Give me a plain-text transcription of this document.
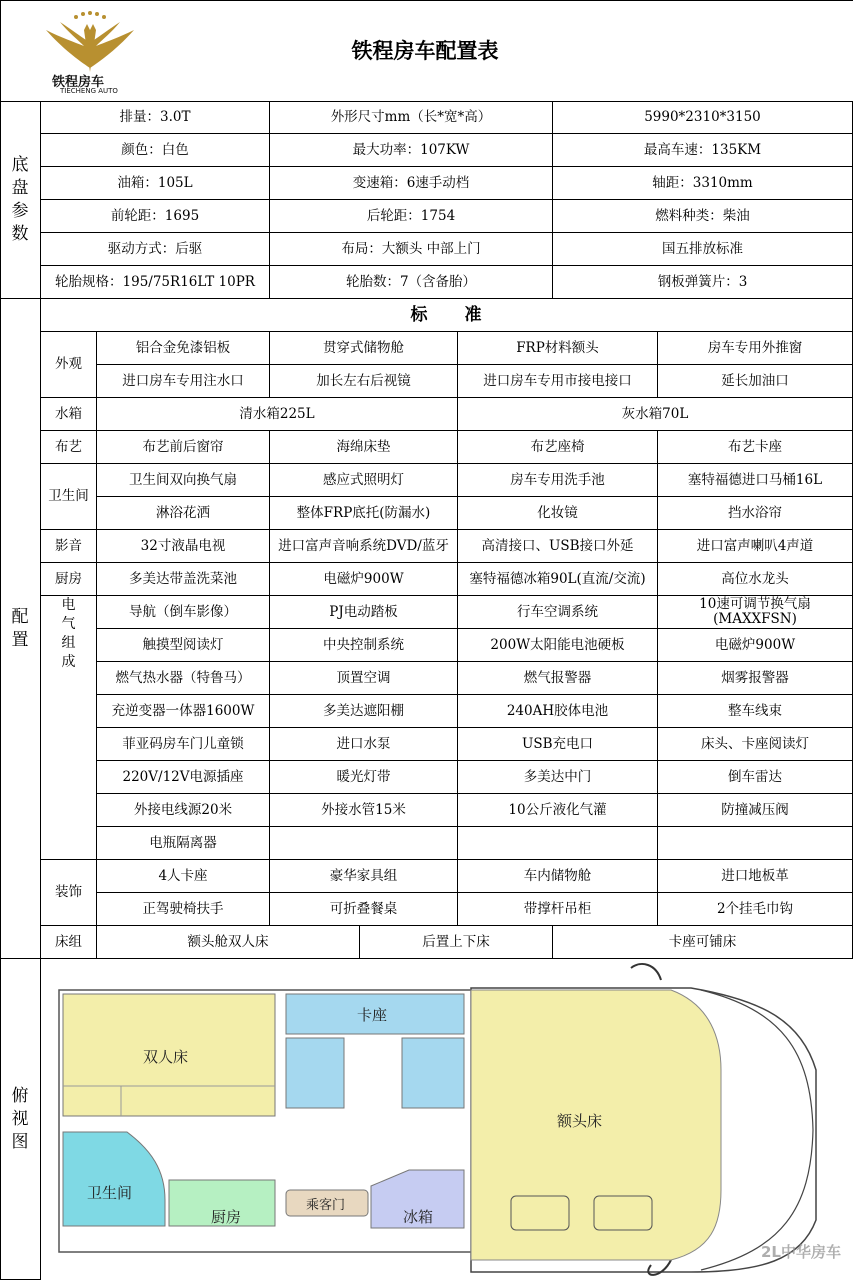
铁程房车
TIECHENG AUTO
铁程房车配置表
底
盘
参
数
配
置
俯
视
图
排量：3.0T	外形尺寸mm（长*宽*高）	5990*2310*3150
颜色：白色	最大功率：107KW	最高车速：135KM
油箱：105L	变速箱：6速手动档	轴距：3310mm
前轮距：1695	后轮距：1754	燃料种类：柴油
驱动方式：后驱	布局：大额头 中部上门	国五排放标准
轮胎规格：195/75R16LT 10PR	轮胎数：7（含备胎）	钢板弹簧片：3
标　　准
外观
铝合金免漆铝板	贯穿式储物舱	FRP材料额头	房车专用外推窗
进口房车专用注水口	加长左右后视镜	进口房车专用市接电接口	延长加油口
水箱	清水箱225L	灰水箱70L
布艺	布艺前后窗帘	海绵床垫	布艺座椅	布艺卡座
卫生间
卫生间双向换气扇	感应式照明灯	房车专用洗手池	塞特福德进口马桶16L
淋浴花洒	整体FRP底托(防漏水)	化妆镜	挡水浴帘
影音	32寸液晶电视	进口富声音响系统DVD/蓝牙	高清接口、USB接口外延	进口富声喇叭4声道
厨房	多美达带盖洗菜池	电磁炉900W	塞特福德冰箱90L(直流/交流)	高位水龙头
电
气
组
成
导航（倒车影像）	PJ电动踏板	行车空调系统	10速可调节换气扇(MAXXFSN)
触摸型阅读灯	中央控制系统	200W太阳能电池硬板	电磁炉900W
燃气热水器（特鲁马）	顶置空调	燃气报警器	烟雾报警器
充逆变器一体器1600W	多美达遮阳棚	240AH胶体电池	整车线束
菲亚码房车门儿童锁	进口水泵	USB充电口	床头、卡座阅读灯
220V/12V电源插座	暖光灯带	多美达中门	倒车雷达
外接电线源20米	外接水管15米	10公斤液化气灌	防撞减压阀
电瓶隔离器
装饰
4人卡座	豪华家具组	车内储物舱	进口地板革
正驾驶椅扶手	可折叠餐桌	带撑杆吊柜	2个挂毛巾钩
床组	额头舱双人床	后置上下床	卡座可铺床
双人床
卡座
额头床
卫生间
厨房
乘客门
冰箱
2L中华房车
